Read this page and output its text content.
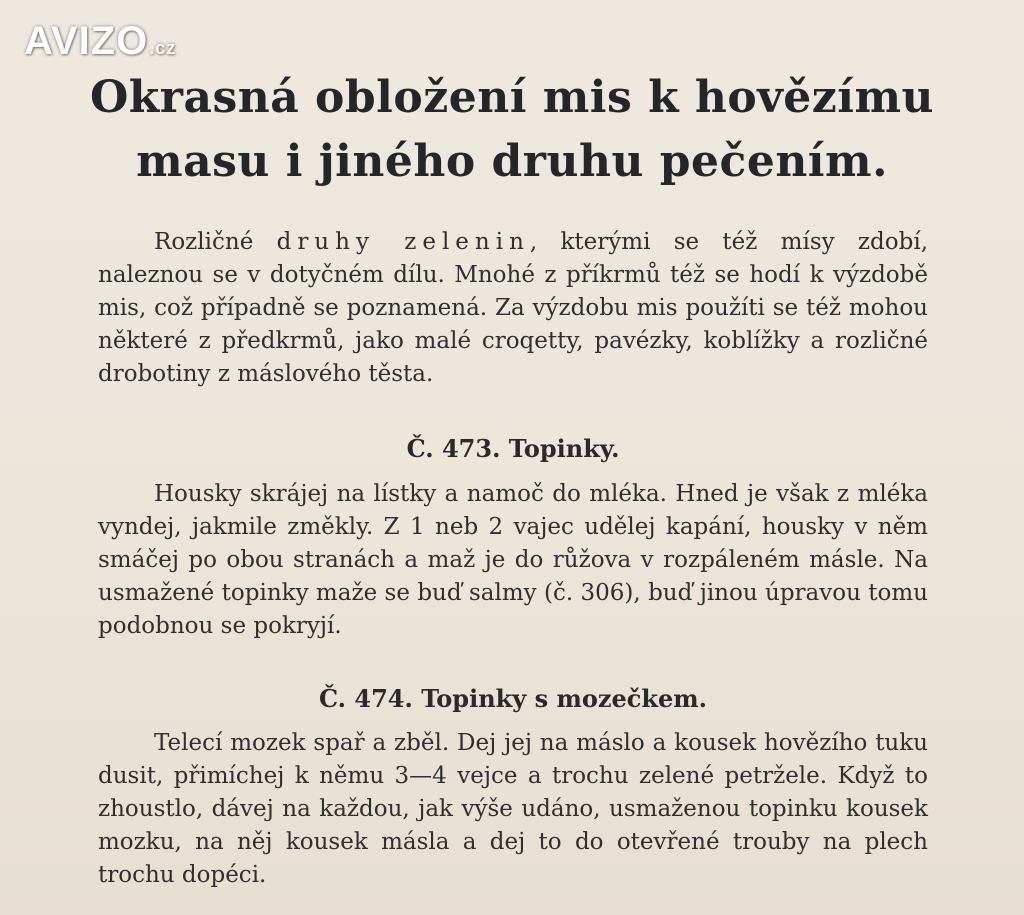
AVIZO.cz
Okrasná obložení mis k hovězímu
masu i jiného druhu pečením.

Rozličné druhy zelenin, kterými se též mísy zdobí, naleznou se v dotyčném dílu. Mnohé z příkrmů též se hodí k výzdobě mis, což případně se poznamená. Za výzdobu mis použíti se též mohou některé z předkrmů, jako malé croqetty, pavézky, koblížky a rozličné drobotiny z máslového těsta.

Č. 473. Topinky.

Housky skrájej na lístky a namoč do mléka. Hned je však z mléka vyndej, jakmile změkly. Z 1 neb 2 vajec udělej kapání, housky v něm smáčej po obou stranách a maž je do růžova v rozpáleném másle. Na usmažené topinky maže se buď salmy (č. 306), buď jinou úpravou tomu podobnou se pokryjí.

Č. 474. Topinky s mozečkem.

Telecí mozek spař a zběl. Dej jej na máslo a kousek hovězího tuku dusit, přimíchej k němu 3—4 vejce a trochu zelené petržele. Když to zhoustlo, dávej na každou, jak výše udáno, usmaženou topinku kousek mozku, na něj kousek másla a dej to do otevřené trouby na plech trochu dopéci.
